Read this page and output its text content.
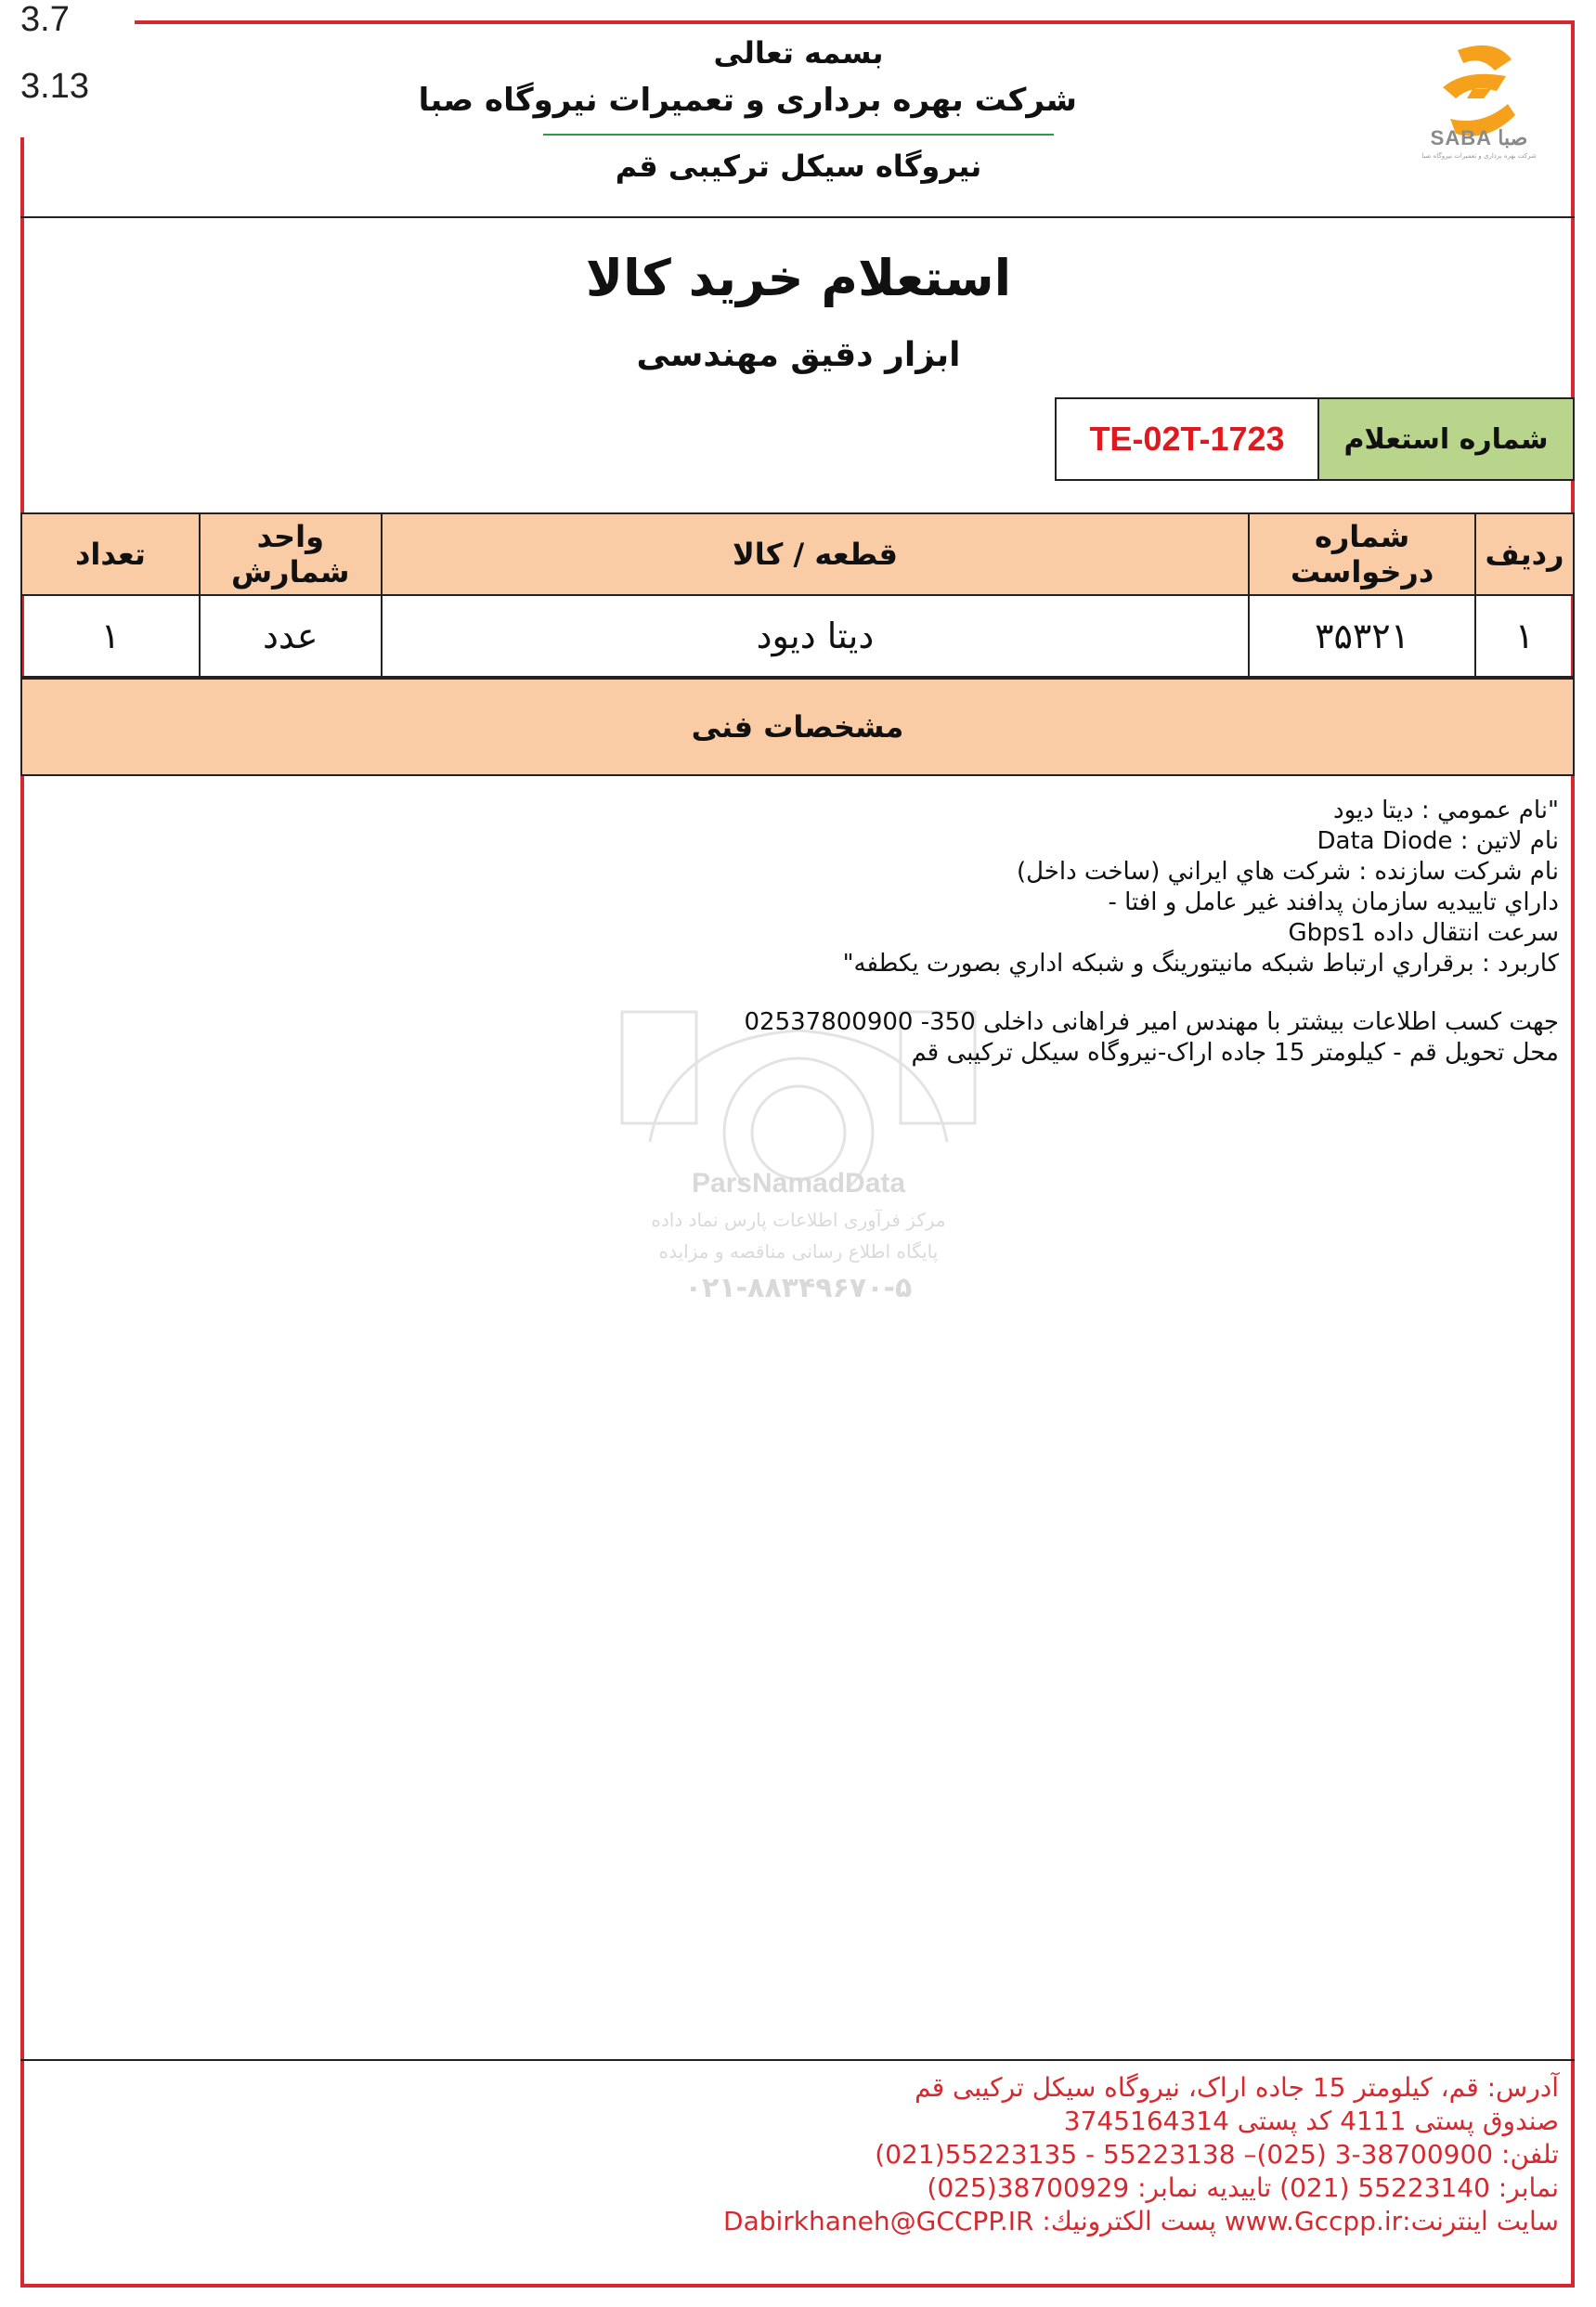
3.7
3.13
بسمه تعالی
شرکت بهره برداری و تعمیرات نیروگاه صبا
نیروگاه سیکل ترکیبی قم
SABA صبا
شرکت بهره برداری و تعمیرات نیروگاه صبا
استعلام خرید کالا
ابزار دقیق مهندسی
TE-02T-1723	شماره استعلام
ردیف	شماره درخواست	قطعه / کالا	واحد شمارش	تعداد
۱	۳۵۳۲۱	دیتا دیود	عدد	۱
مشخصات فنی
ParsNamadData
مرکز فرآوری اطلاعات پارس نماد داده
پایگاه اطلاع رسانی مناقصه و مزایده
۰۲۱-۸۸۳۴۹۶۷۰-۵
"نام عمومي : ديتا ديود
نام لاتين : Data Diode
نام شركت سازنده : شركت هاي ايراني (ساخت داخل)
داراي تاييديه سازمان پدافند غير عامل و افتا -
سرعت انتقال داده Gbps1
كاربرد : برقراري ارتباط شبكه مانيتورينگ و شبكه اداري بصورت يكطفه"
جهت کسب اطلاعات بیشتر با مهندس امیر فراهانی داخلی 350- 02537800900
محل تحویل قم - کیلومتر 15 جاده اراک-نیروگاه سیکل ترکیبی قم
آدرس: قم، کیلومتر 15 جاده اراک، نیروگاه سیکل ترکیبی قم
صندوق پستی 4111 کد پستی 3745164314
تلفن: 38700900-3 (025)– 55223138 - 55223135(021)
نمابر: 55223140 (021) تاییدیه نمابر: 38700929(025)
سایت اینترنت:www.Gccpp.ir پست الکترونیك: Dabirkhaneh@GCCPP.IR
